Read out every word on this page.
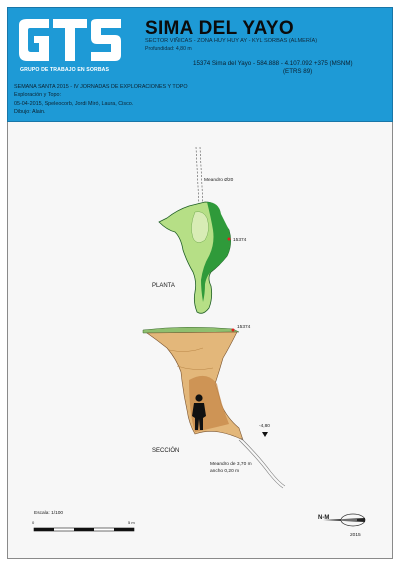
GRUPO DE TRABAJO EN SORBAS
SIMA DEL YAYO
SECTOR VIÑICAS - ZONA HUY HUY AY - KYL SORBAS (ALMERÍA)
Profundidad: 4,80 m
15374 Sima del Yayo - 584.888 - 4.107.092 +375 (MSNM)
(ETRS 89)
SEMANA SANTA 2015 - IV JORNADAS DE EXPLORACIONES Y TOPO
Exploración y Topo:
05-04-2015, Speleocorb, Jordi Miró, Laura, Cisco.
Dibujo: Alain.
Meandro Ø20
15374
PLANTA
15374
-4,80
SECCIÓN
Meandro de 3,70 m
ancho 0,20 m
Escala: 1/100
0	5 m
N-M
2015
